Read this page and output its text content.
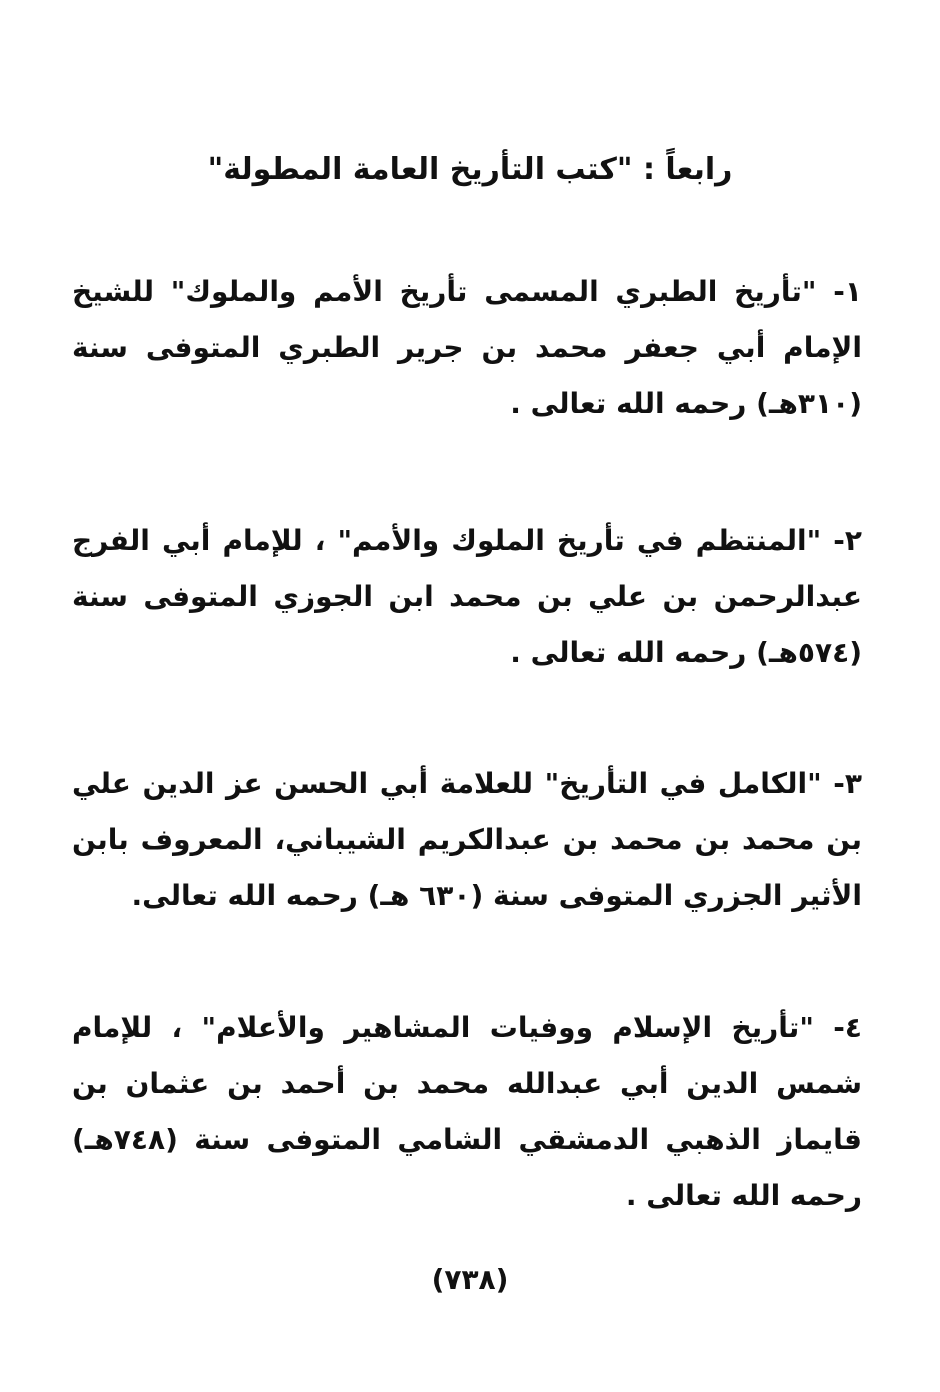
رابعاً : "كتب التأريخ العامة المطولة"
١- "تأريخ الطبري المسمى تأريخ الأمم والملوك" للشيخ الإمام أبي جعفر محمد بن جرير الطبري المتوفى سنة (٣١٠هـ) رحمه الله تعالى .
٢- "المنتظم في تأريخ الملوك والأمم" ، للإمام أبي الفرج عبدالرحمن بن علي بن محمد ابن الجوزي المتوفى سنة (٥٧٤هـ) رحمه الله تعالى .
٣- "الكامل في التأريخ" للعلامة أبي الحسن عز الدين علي بن محمد بن محمد بن عبدالكريم الشيباني، المعروف بابن الأثير الجزري المتوفى سنة (٦٣٠ هـ) رحمه الله تعالى.
٤- "تأريخ الإسلام ووفيات المشاهير والأعلام" ، للإمام شمس الدين أبي عبدالله محمد بن أحمد بن عثمان بن قايماز الذهبي الدمشقي الشامي المتوفى سنة (٧٤٨هـ) رحمه الله تعالى .
(٧٣٨)
